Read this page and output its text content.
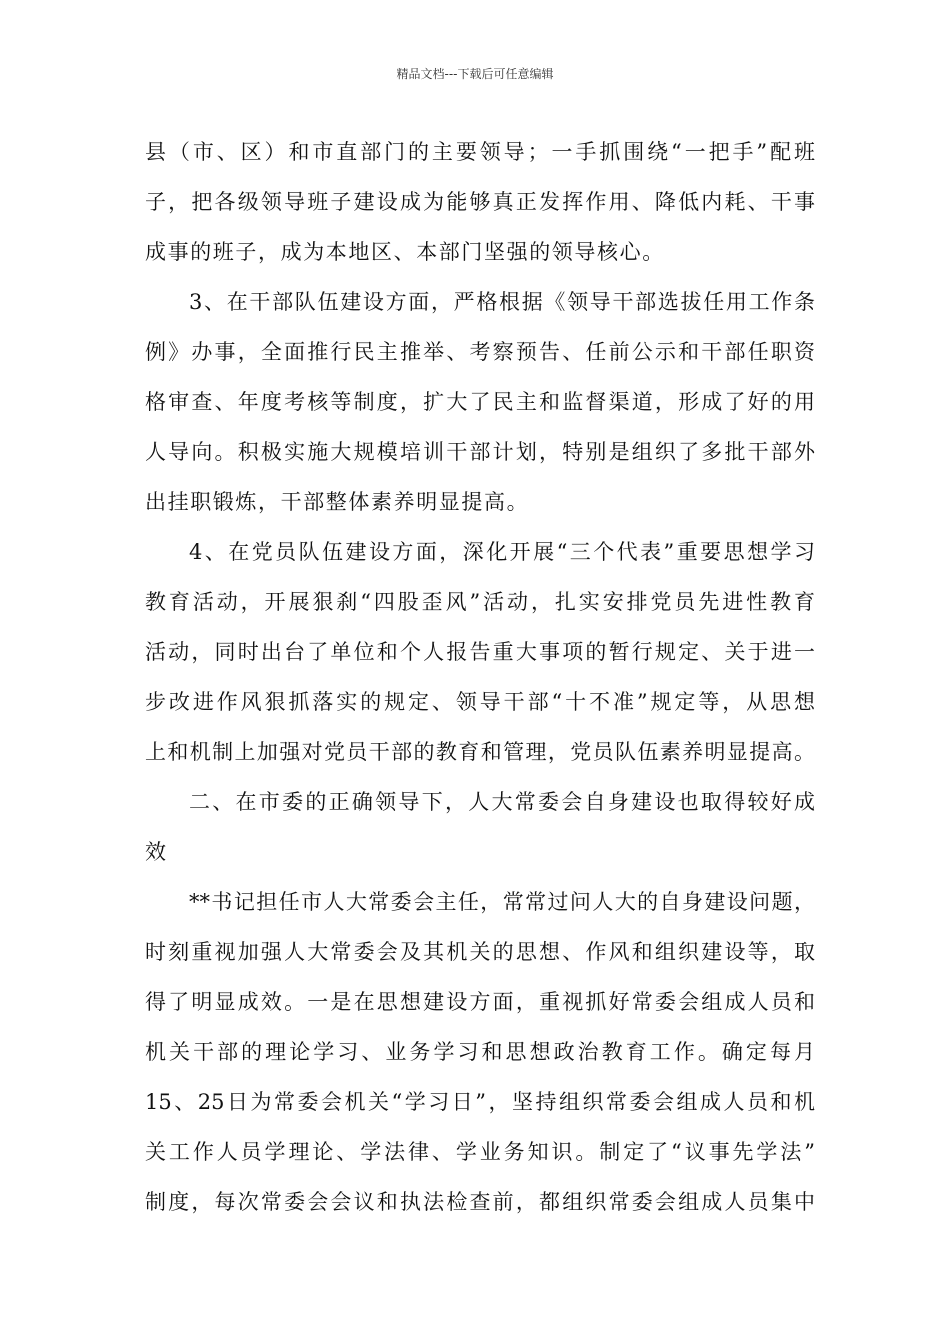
精品文档---下载后可任意编辑
县（市、区）和市直部门的主要领导；一手抓围绕“一把手”配班
子，把各级领导班子建设成为能够真正发挥作用、降低内耗、干事
成事的班子，成为本地区、本部门坚强的领导核心。
3、在干部队伍建设方面，严格根据《领导干部选拔任用工作条
例》办事，全面推行民主推举、考察预告、任前公示和干部任职资
格审查、年度考核等制度，扩大了民主和监督渠道，形成了好的用
人导向。积极实施大规模培训干部计划，特别是组织了多批干部外
出挂职锻炼，干部整体素养明显提高。
4、在党员队伍建设方面，深化开展“三个代表”重要思想学习
教育活动，开展狠刹“四股歪风”活动，扎实安排党员先进性教育
活动，同时出台了单位和个人报告重大事项的暂行规定、关于进一
步改进作风狠抓落实的规定、领导干部“十不准”规定等，从思想
上和机制上加强对党员干部的教育和管理，党员队伍素养明显提高。
二、在市委的正确领导下，人大常委会自身建设也取得较好成
效
**书记担任市人大常委会主任，常常过问人大的自身建设问题，
时刻重视加强人大常委会及其机关的思想、作风和组织建设等，取
得了明显成效。一是在思想建设方面，重视抓好常委会组成人员和
机关干部的理论学习、业务学习和思想政治教育工作。确定每月
15、25日为常委会机关“学习日”，坚持组织常委会组成人员和机
关工作人员学理论、学法律、学业务知识。制定了“议事先学法”
制度，每次常委会会议和执法检查前，都组织常委会组成人员集中
